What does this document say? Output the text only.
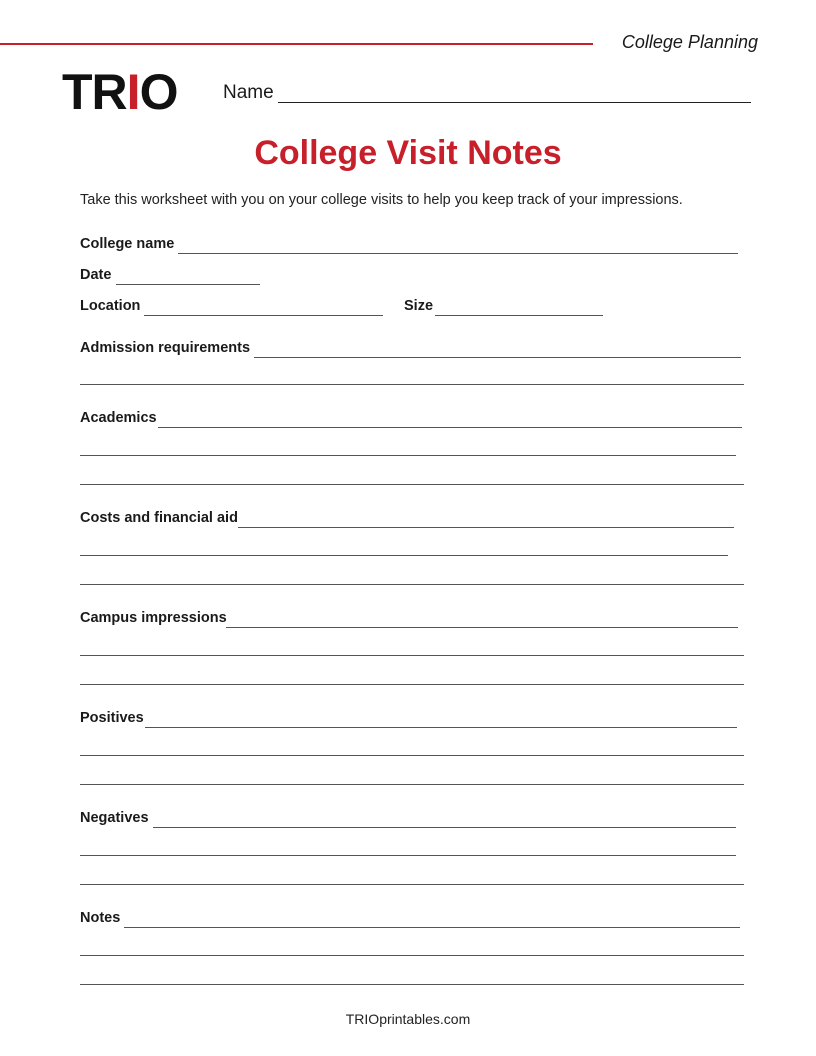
College Planning
TRIO Name
College Visit Notes
Take this worksheet with you on your college visits to help you keep track of your impressions.
College name
Date
Location	Size
Admission requirements
Academics
Costs and financial aid
Campus impressions
Positives
Negatives
Notes
TRIOprintables.com
